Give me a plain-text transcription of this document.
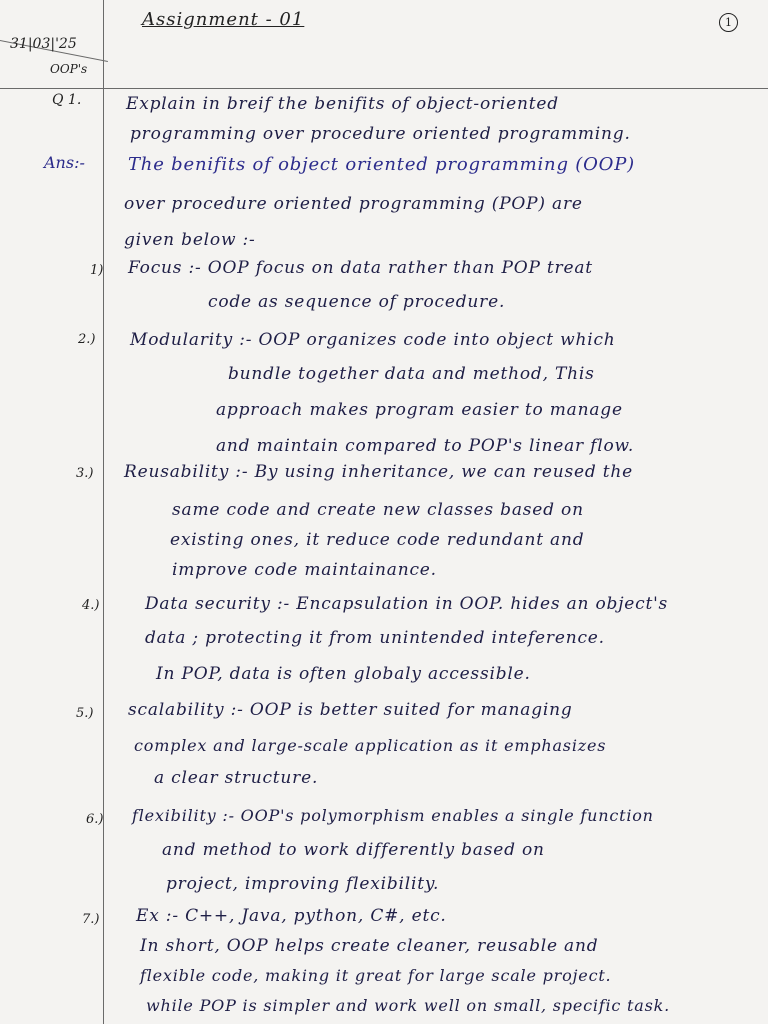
Assignment - 01	1
31|03|'25
OOP's
Q 1.
Ans:-
Explain in breif the benifits of object-oriented
programming over procedure oriented programming.
The benifits of object oriented programming (OOP)
over procedure oriented programming (POP) are
given below :-
1) Focus :- OOP focus on data rather than POP treat
code as sequence of procedure.
2.) Modularity :- OOP organizes code into object which
bundle together data and method, This
approach makes program easier to manage
and maintain compared to POP's linear flow.
3.) Reusability :- By using inheritance, we can reused the
same code and create new classes based on
existing ones, it reduce code redundant and
improve code maintainance.
4.)	Data security :- Encapsulation in OOP. hides an object's
data ; protecting it from unintended inteference.
In POP, data is often globaly accessible.
5.) scalability :- OOP is better suited for managing
complex and large-scale application as it emphasizes
a clear structure.
6.) flexibility :- OOP's polymorphism enables a single function
and method to work differently based on
project, improving flexibility.
7.) Ex :- C++, Java, python, C#, etc.
In short, OOP helps create cleaner, reusable and
flexible code, making it great for large scale project.
while POP is simpler and work well on small, specific task.
